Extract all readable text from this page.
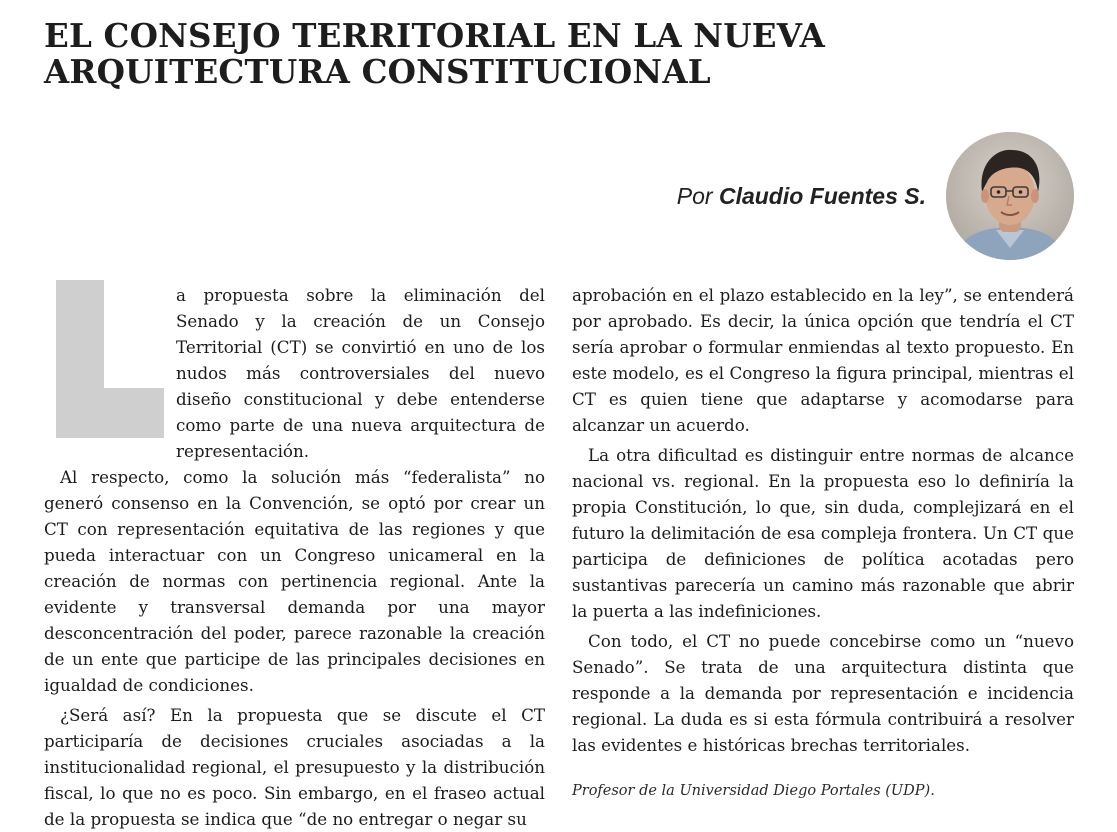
EL CONSEJO TERRITORIAL EN LA NUEVA ARQUITECTURA CONSTITUCIONAL
Por Claudio Fuentes S.

a propuesta sobre la eliminación del Senado y la creación de un Consejo Territorial (CT) se convirtió en uno de los nudos más controversiales del nuevo diseño constitucional y debe entenderse como parte de una nueva arquitectura de representación.

Al respecto, como la solución más “federalista” no generó consenso en la Convención, se optó por crear un CT con representación equitativa de las regiones y que pueda interactuar con un Congreso unicameral en la creación de normas con pertinencia regional. Ante la evidente y transversal demanda por una mayor desconcentración del poder, parece razonable la creación de un ente que participe de las principales decisiones en igualdad de condiciones.

¿Será así? En la propuesta que se discute el CT participaría de decisiones cruciales asociadas a la institucionalidad regional, el presupuesto y la distribución fiscal, lo que no es poco. Sin embargo, en el fraseo actual de la propuesta se indica que “de no entregar o negar su

aprobación en el plazo establecido en la ley”, se entenderá por aprobado. Es decir, la única opción que tendría el CT sería aprobar o formular enmiendas al texto propuesto. En este modelo, es el Congreso la figura principal, mientras el CT es quien tiene que adaptarse y acomodarse para alcanzar un acuerdo.

La otra dificultad es distinguir entre normas de alcance nacional vs. regional. En la propuesta eso lo definiría la propia Constitución, lo que, sin duda, complejizará en el futuro la delimitación de esa compleja frontera. Un CT que participa de definiciones de política acotadas pero sustantivas parecería un camino más razonable que abrir la puerta a las indefiniciones.

Con todo, el CT no puede concebirse como un “nuevo Senado”. Se trata de una arquitectura distinta que responde a la demanda por representación e incidencia regional. La duda es si esta fórmula contribuirá a resolver las evidentes e históricas brechas territoriales.

Profesor de la Universidad Diego Portales (UDP).
